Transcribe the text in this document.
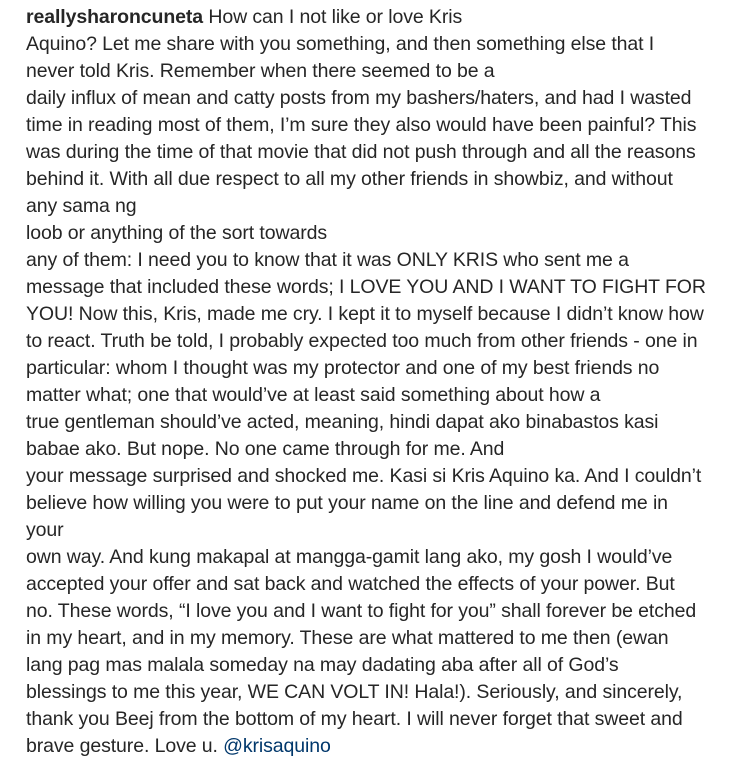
reallysharoncuneta How can I not like or love Kris
Aquino? Let me share with you something, and then something else that I
never told Kris. Remember when there seemed to be a
daily influx of mean and catty posts from my bashers/haters, and had I wasted
time in reading most of them, I’m sure they also would have been painful? This
was during the time of that movie that did not push through and all the reasons
behind it. With all due respect to all my other friends in showbiz, and without
any sama ng
loob or anything of the sort towards
any of them: I need you to know that it was ONLY KRIS who sent me a
message that included these words; I LOVE YOU AND I WANT TO FIGHT FOR
YOU! Now this, Kris, made me cry. I kept it to myself because I didn’t know how
to react. Truth be told, I probably expected too much from other friends - one in
particular: whom I thought was my protector and one of my best friends no
matter what; one that would’ve at least said something about how a
true gentleman should’ve acted, meaning, hindi dapat ako binabastos kasi
babae ako. But nope. No one came through for me. And
your message surprised and shocked me. Kasi si Kris Aquino ka. And I couldn’t
believe how willing you were to put your name on the line and defend me in
your
own way. And kung makapal at mangga-gamit lang ako, my gosh I would’ve
accepted your offer and sat back and watched the effects of your power. But
no. These words, “I love you and I want to fight for you” shall forever be etched
in my heart, and in my memory. These are what mattered to me then (ewan
lang pag mas malala someday na may dadating aba after all of God’s
blessings to me this year, WE CAN VOLT IN! Hala!). Seriously, and sincerely,
thank you Beej from the bottom of my heart. I will never forget that sweet and
brave gesture. Love u. @krisaquino
